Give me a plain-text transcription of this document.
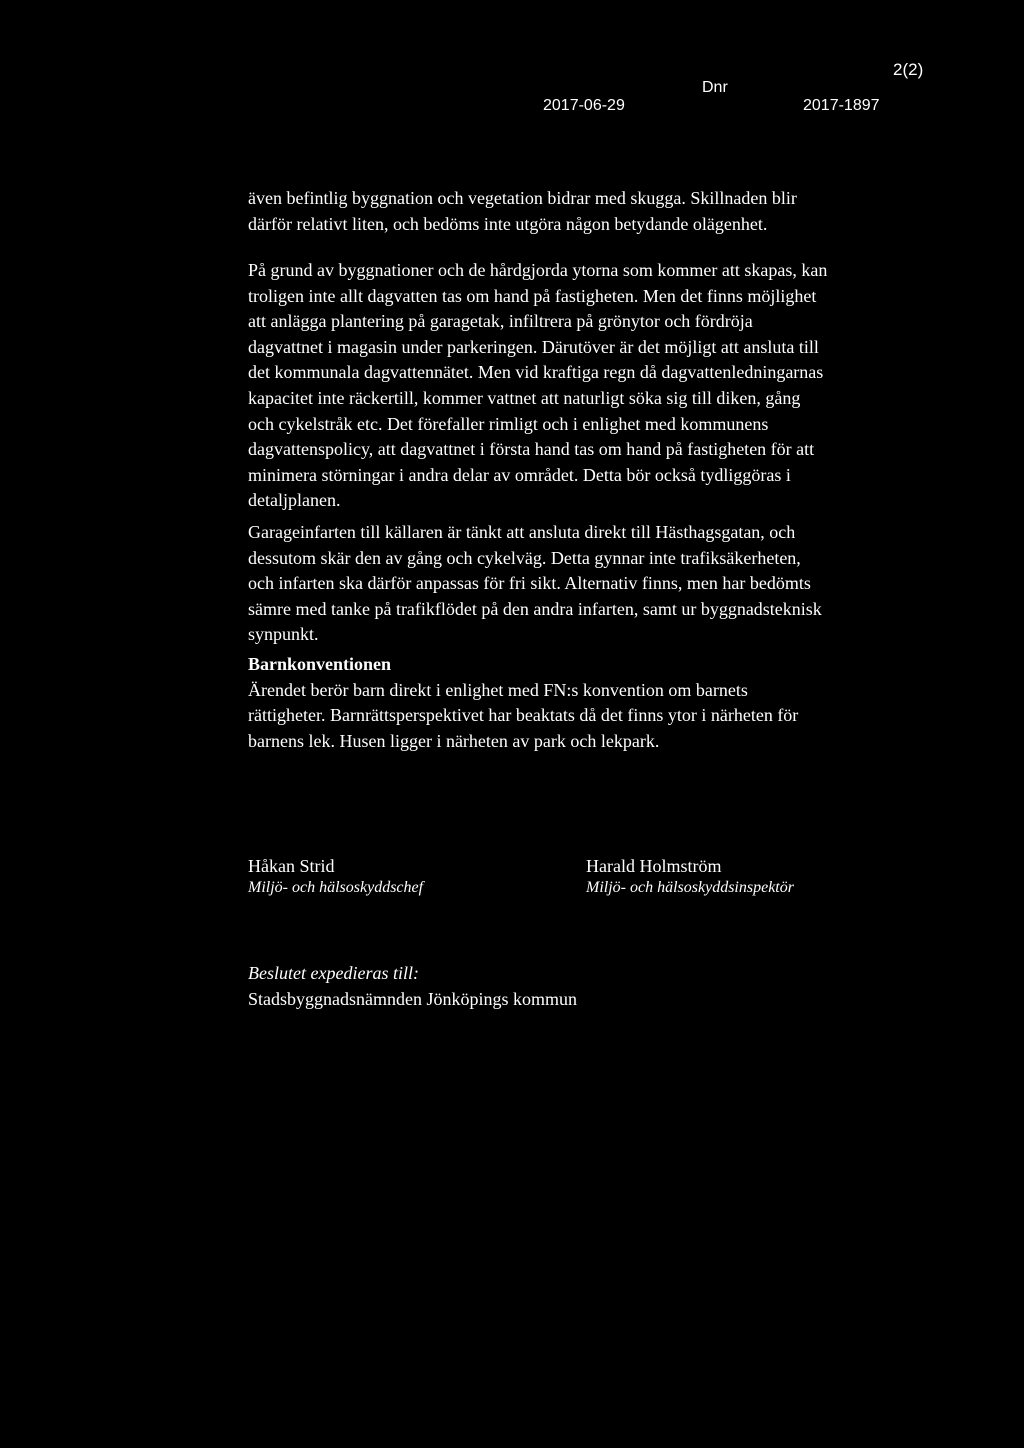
2(2)
Dnr
2017-06-29	2017-1897
även befintlig byggnation och vegetation bidrar med skugga. Skillnaden blir
därför relativt liten, och bedöms inte utgöra någon betydande olägenhet.
På grund av byggnationer och de hårdgjorda ytorna som kommer att skapas, kan
troligen inte allt dagvatten tas om hand på fastigheten. Men det finns möjlighet
att anlägga plantering på garagetak, infiltrera på grönytor och fördröja
dagvattnet i magasin under parkeringen. Därutöver är det möjligt att ansluta till
det kommunala dagvattennätet. Men vid kraftiga regn då dagvattenledningarnas
kapacitet inte räckertill, kommer vattnet att naturligt söka sig till diken, gång
och cykelstråk etc. Det förefaller rimligt och i enlighet med kommunens
dagvattenspolicy, att dagvattnet i första hand tas om hand på fastigheten för att
minimera störningar i andra delar av området. Detta bör också tydliggöras i
detaljplanen.
Garageinfarten till källaren är tänkt att ansluta direkt till Hästhagsgatan, och
dessutom skär den av gång och cykelväg. Detta gynnar inte trafiksäkerheten,
och infarten ska därför anpassas för fri sikt. Alternativ finns, men har bedömts
sämre med tanke på trafikflödet på den andra infarten, samt ur byggnadsteknisk
synpunkt.
Barnkonventionen
Ärendet berör barn direkt i enlighet med FN:s konvention om barnets
rättigheter. Barnrättsperspektivet har beaktats då det finns ytor i närheten för
barnens lek. Husen ligger i närheten av park och lekpark.
Håkan Strid
Miljö- och hälsoskyddschef
Harald Holmström
Miljö- och hälsoskyddsinspektör
Beslutet expedieras till:
Stadsbyggnadsnämnden Jönköpings kommun
